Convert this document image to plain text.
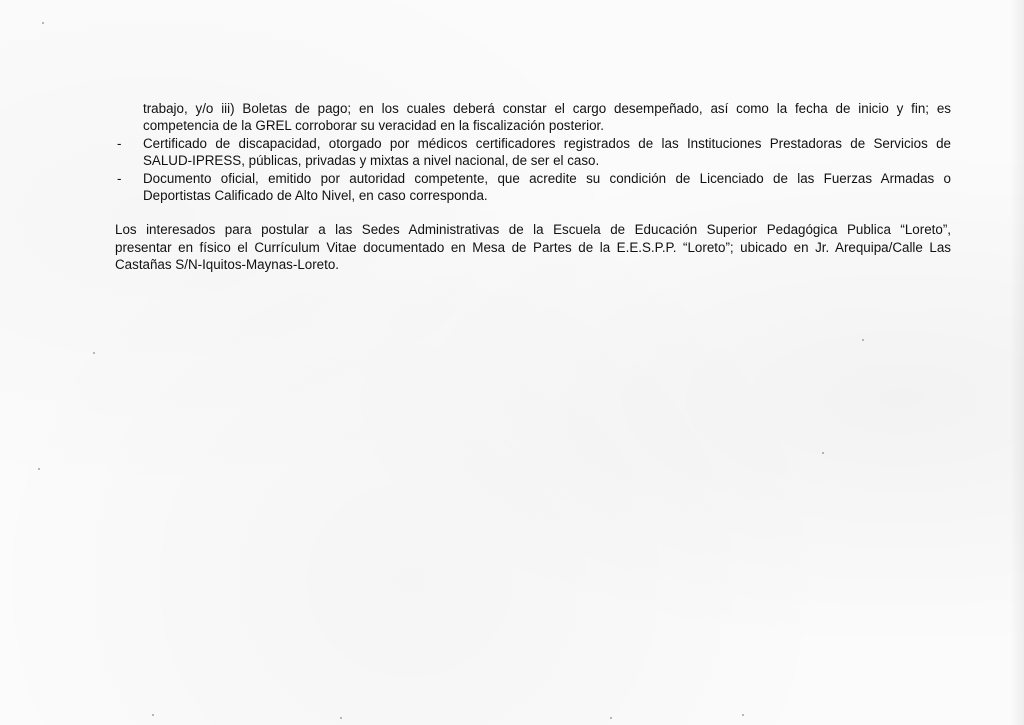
trabajo, y/o iii) Boletas de pago; en los cuales deberá constar el cargo desempeñado, así como la fecha de inicio y fin; es
competencia de la GREL corroborar su veracidad en la fiscalización posterior.
- Certificado de discapacidad, otorgado por médicos certificadores registrados de las Instituciones Prestadoras de Servicios de
SALUD-IPRESS, públicas, privadas y mixtas a nivel nacional, de ser el caso.
- Documento oficial, emitido por autoridad competente, que acredite su condición de Licenciado de las Fuerzas Armadas o
Deportistas Calificado de Alto Nivel, en caso corresponda.
Los interesados para postular a las Sedes Administrativas de la Escuela de Educación Superior Pedagógica Publica “Loreto”,
presentar en físico el Currículum Vitae documentado en Mesa de Partes de la E.E.S.P.P. “Loreto”; ubicado en Jr. Arequipa/Calle Las
Castañas S/N-Iquitos-Maynas-Loreto.
